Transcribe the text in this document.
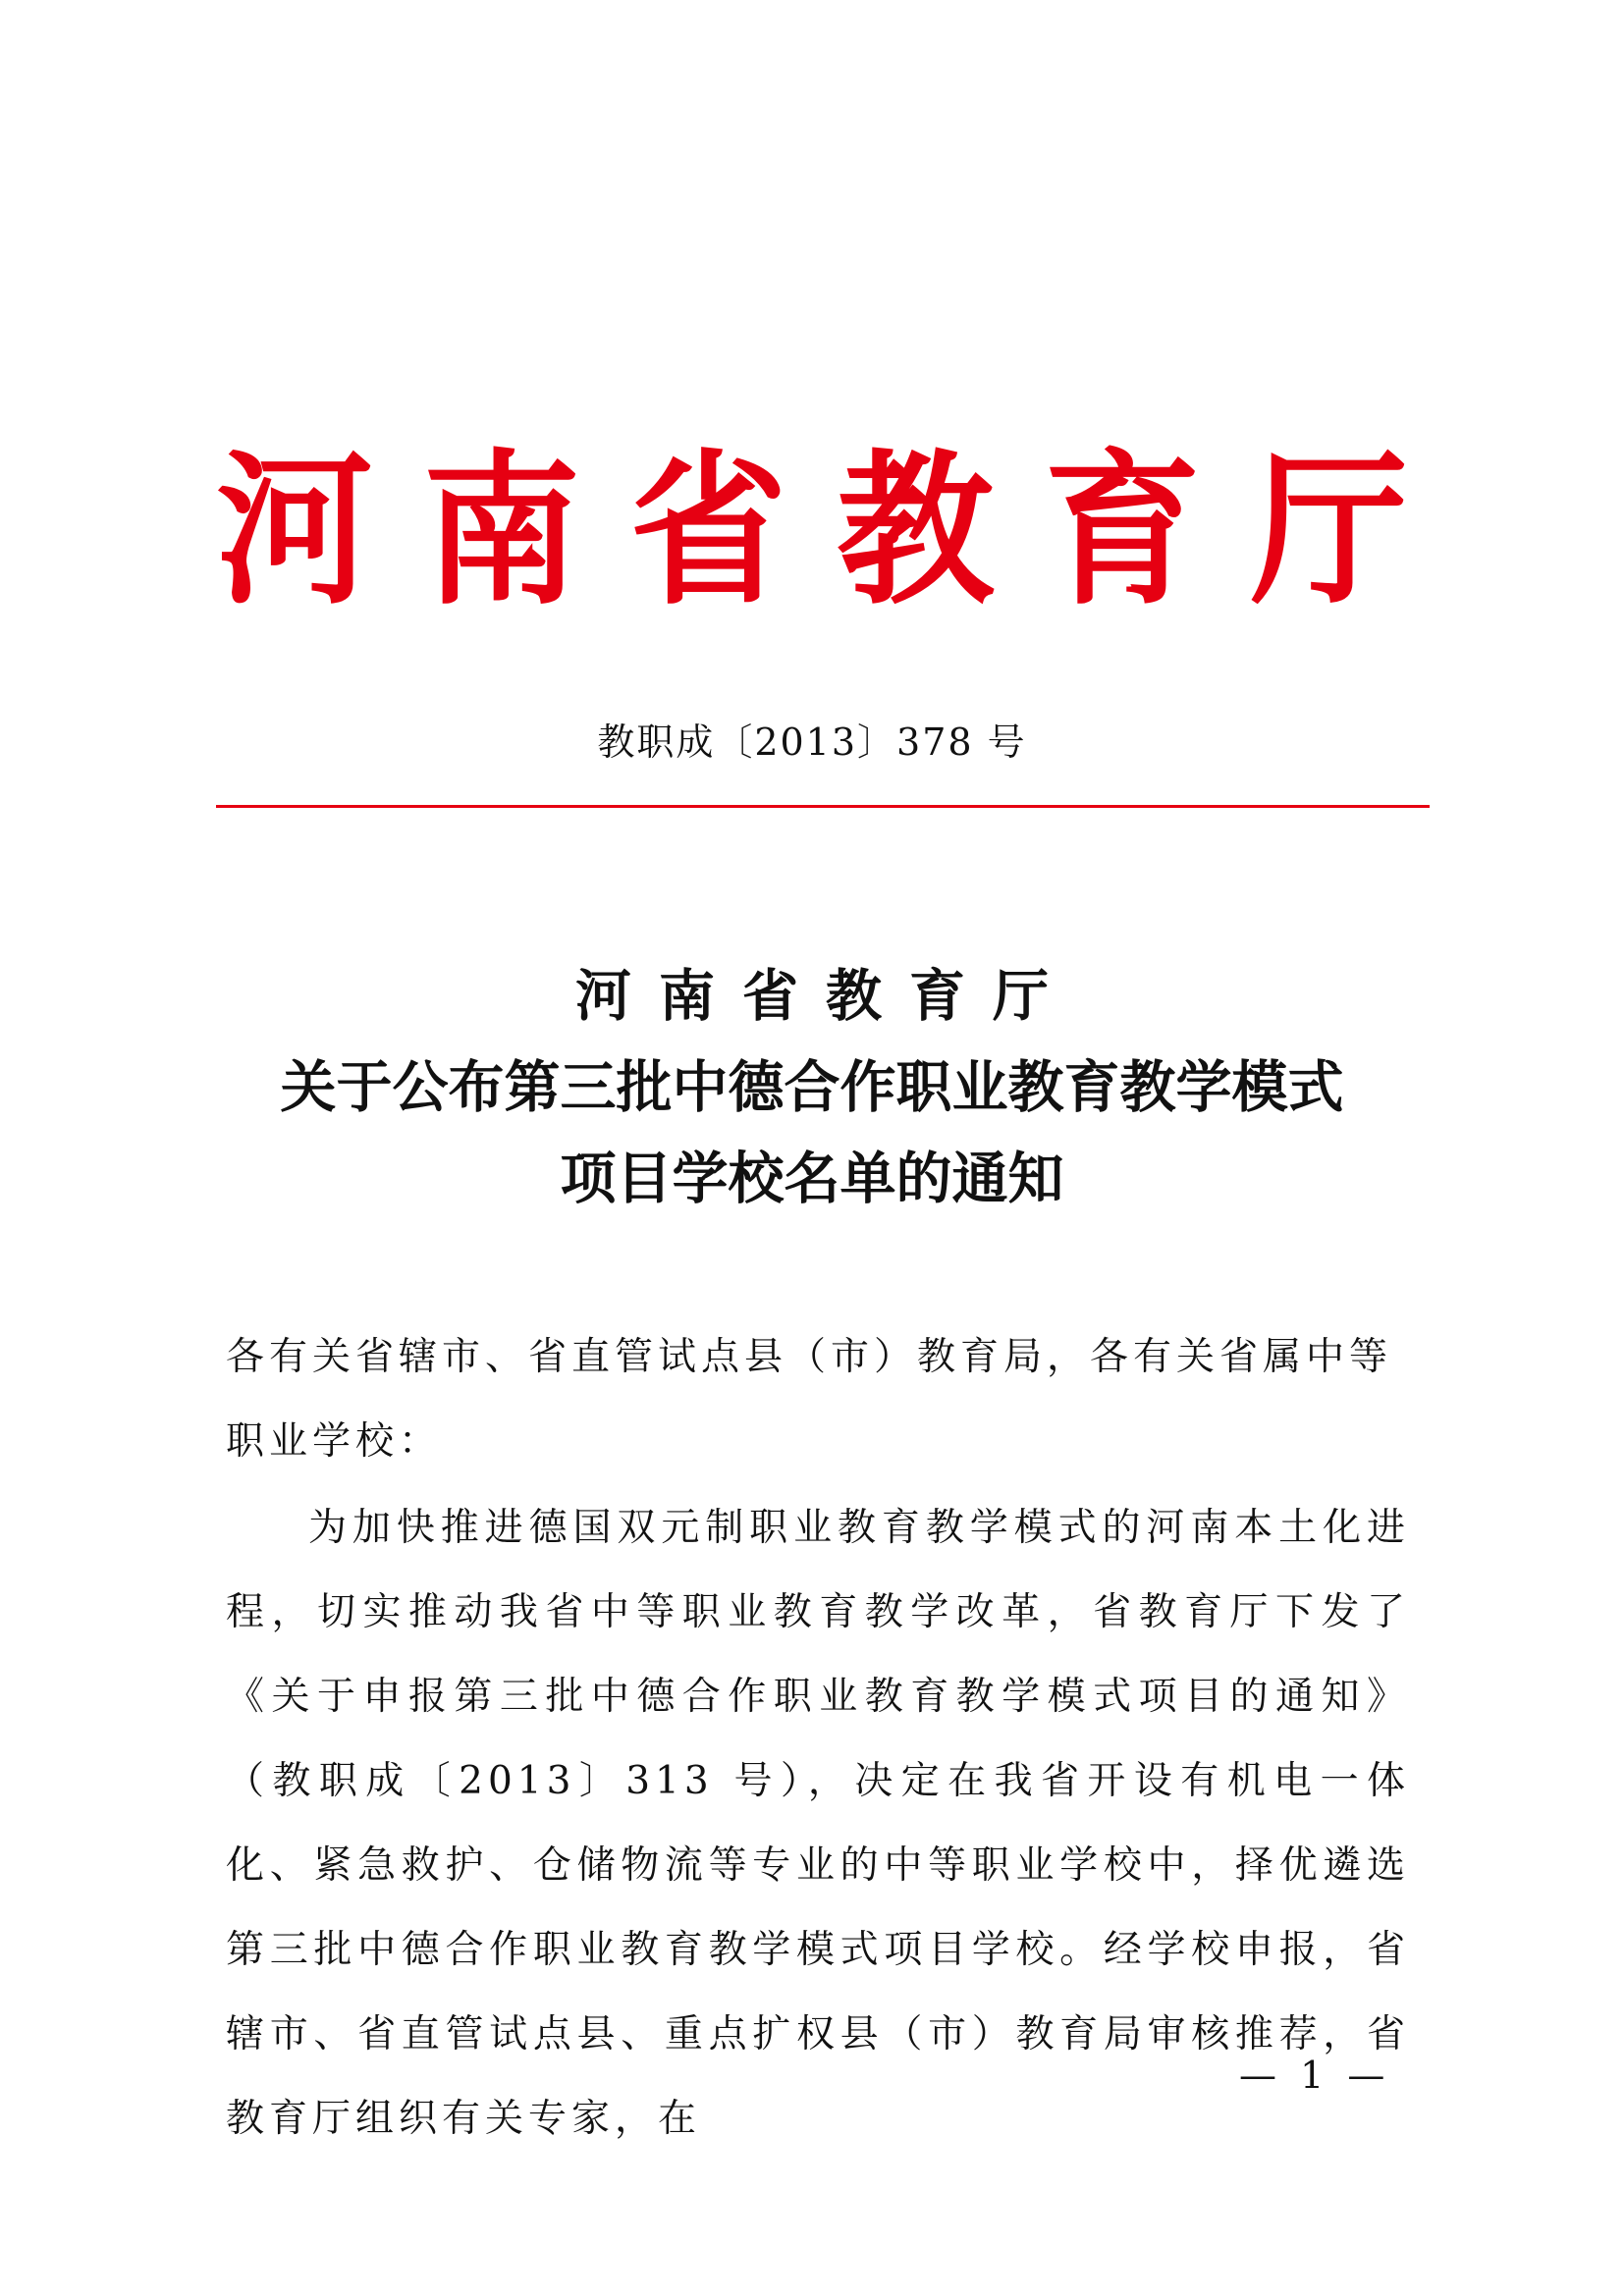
河 南 省 教 育 厅
教职成〔2013〕378 号
河南省教育厅
关于公布第三批中德合作职业教育教学模式
项目学校名单的通知
各有关省辖市、省直管试点县（市）教育局，各有关省属中等职业学校：
为加快推进德国双元制职业教育教学模式的河南本土化进程，切实推动我省中等职业教育教学改革，省教育厅下发了《关于申报第三批中德合作职业教育教学模式项目的通知》（教职成〔2013〕313 号），决定在我省开设有机电一体化、紧急救护、仓储物流等专业的中等职业学校中，择优遴选第三批中德合作职业教育教学模式项目学校。经学校申报，省辖市、省直管试点县、重点扩权县（市）教育局审核推荐，省教育厅组织有关专家，在
— 1 —
